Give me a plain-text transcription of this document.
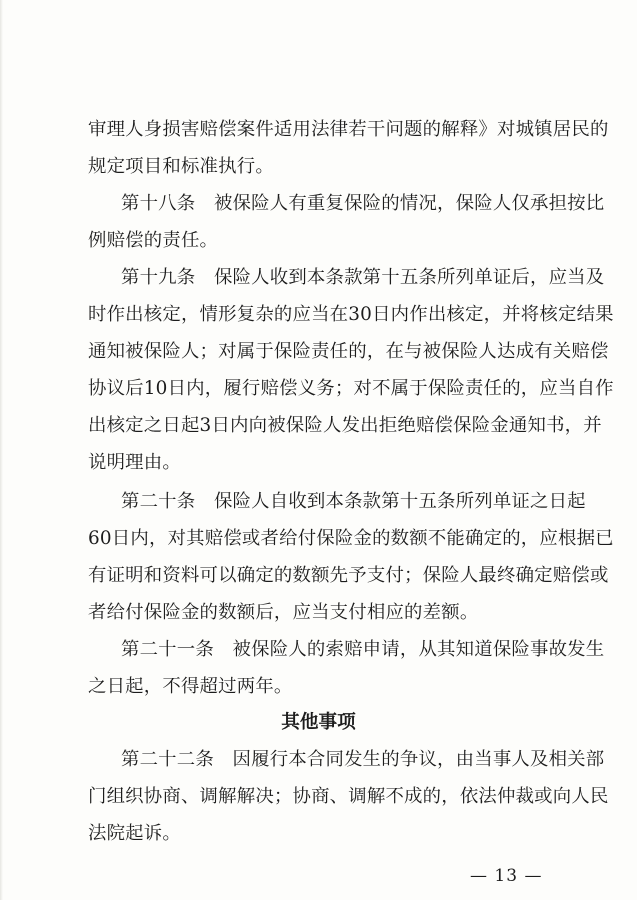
审理人身损害赔偿案件适用法律若干问题的解释》对城镇居民的
规定项目和标准执行。
第十八条　被保险人有重复保险的情况，保险人仅承担按比
例赔偿的责任。
第十九条　保险人收到本条款第十五条所列单证后，应当及
时作出核定，情形复杂的应当在30日内作出核定，并将核定结果
通知被保险人；对属于保险责任的，在与被保险人达成有关赔偿
协议后10日内，履行赔偿义务；对不属于保险责任的，应当自作
出核定之日起3日内向被保险人发出拒绝赔偿保险金通知书，并
说明理由。
第二十条　保险人自收到本条款第十五条所列单证之日起
60日内，对其赔偿或者给付保险金的数额不能确定的，应根据已
有证明和资料可以确定的数额先予支付；保险人最终确定赔偿或
者给付保险金的数额后，应当支付相应的差额。
第二十一条　被保险人的索赔申请，从其知道保险事故发生
之日起，不得超过两年。
其他事项
第二十二条　因履行本合同发生的争议，由当事人及相关部
门组织协商、调解解决；协商、调解不成的，依法仲裁或向人民
法院起诉。
— 13 —
